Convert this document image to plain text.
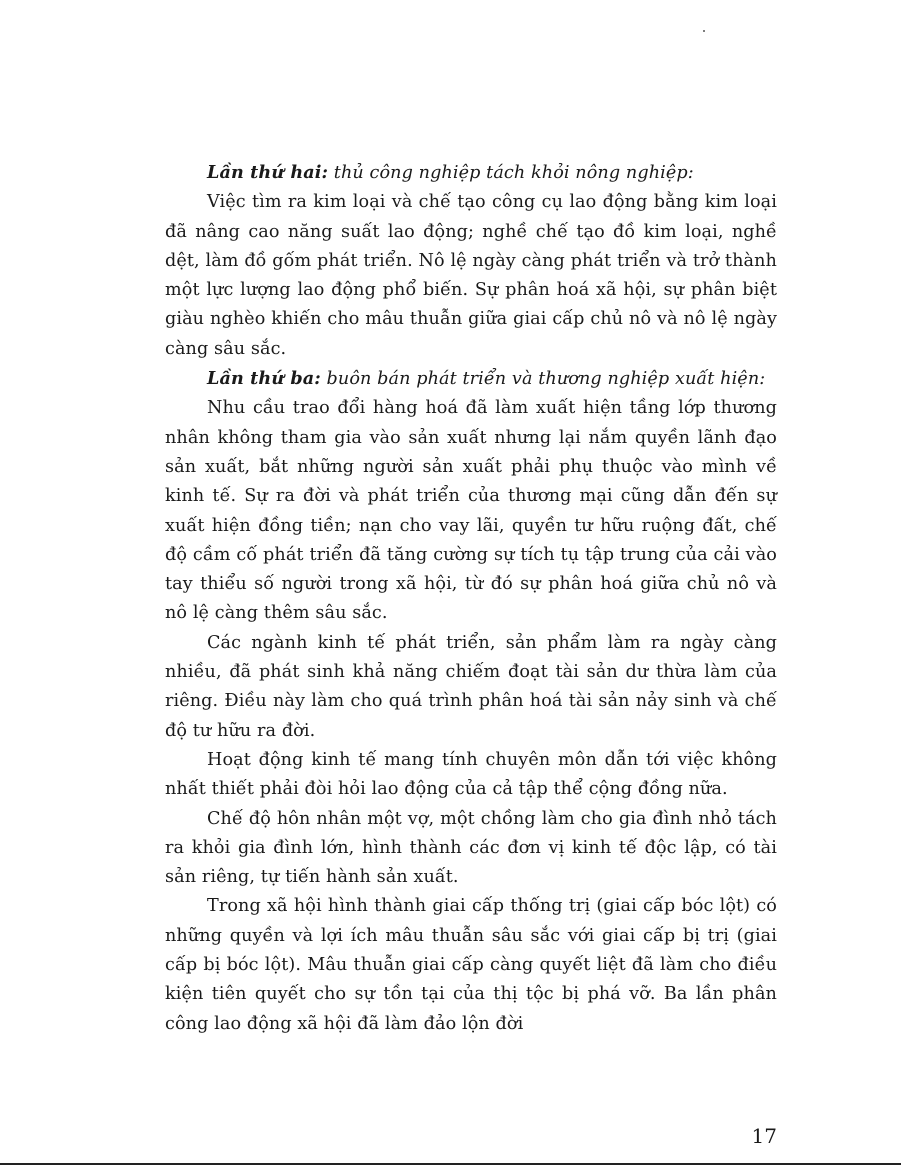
Lần thứ hai: thủ công nghiệp tách khỏi nông nghiệp:

Việc tìm ra kim loại và chế tạo công cụ lao động bằng kim loại đã nâng cao năng suất lao động; nghề chế tạo đồ kim loại, nghề dệt, làm đồ gốm phát triển. Nô lệ ngày càng phát triển và trở thành một lực lượng lao động phổ biến. Sự phân hoá xã hội, sự phân biệt giàu nghèo khiến cho mâu thuẫn giữa giai cấp chủ nô và nô lệ ngày càng sâu sắc.

Lần thứ ba: buôn bán phát triển và thương nghiệp xuất hiện:

Nhu cầu trao đổi hàng hoá đã làm xuất hiện tầng lớp thương nhân không tham gia vào sản xuất nhưng lại nắm quyền lãnh đạo sản xuất, bắt những người sản xuất phải phụ thuộc vào mình về kinh tế. Sự ra đời và phát triển của thương mại cũng dẫn đến sự xuất hiện đồng tiền; nạn cho vay lãi, quyền tư hữu ruộng đất, chế độ cầm cố phát triển đã tăng cường sự tích tụ tập trung của cải vào tay thiểu số người trong xã hội, từ đó sự phân hoá giữa chủ nô và nô lệ càng thêm sâu sắc.

Các ngành kinh tế phát triển, sản phẩm làm ra ngày càng nhiều, đã phát sinh khả năng chiếm đoạt tài sản dư thừa làm của riêng. Điều này làm cho quá trình phân hoá tài sản nảy sinh và chế độ tư hữu ra đời.

Hoạt động kinh tế mang tính chuyên môn dẫn tới việc không nhất thiết phải đòi hỏi lao động của cả tập thể cộng đồng nữa.

Chế độ hôn nhân một vợ, một chồng làm cho gia đình nhỏ tách ra khỏi gia đình lớn, hình thành các đơn vị kinh tế độc lập, có tài sản riêng, tự tiến hành sản xuất.

Trong xã hội hình thành giai cấp thống trị (giai cấp bóc lột) có những quyền và lợi ích mâu thuẫn sâu sắc với giai cấp bị trị (giai cấp bị bóc lột). Mâu thuẫn giai cấp càng quyết liệt đã làm cho điều kiện tiên quyết cho sự tồn tại của thị tộc bị phá vỡ. Ba lần phân công lao động xã hội đã làm đảo lộn đời

17
